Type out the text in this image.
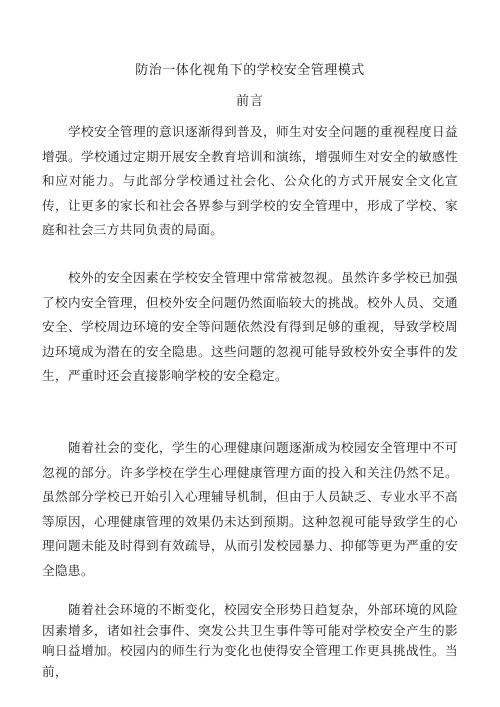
防治一体化视角下的学校安全管理模式
前言

学校安全管理的意识逐渐得到普及，师生对安全问题的重视程度日益增强。学校通过定期开展安全教育培训和演练，增强师生对安全的敏感性和应对能力。与此部分学校通过社会化、公众化的方式开展安全文化宣传，让更多的家长和社会各界参与到学校的安全管理中，形成了学校、家庭和社会三方共同负责的局面。

校外的安全因素在学校安全管理中常常被忽视。虽然许多学校已加强了校内安全管理，但校外安全问题仍然面临较大的挑战。校外人员、交通安全、学校周边环境的安全等问题依然没有得到足够的重视，导致学校周边环境成为潜在的安全隐患。这些问题的忽视可能导致校外安全事件的发生，严重时还会直接影响学校的安全稳定。

随着社会的变化，学生的心理健康问题逐渐成为校园安全管理中不可忽视的部分。许多学校在学生心理健康管理方面的投入和关注仍然不足。虽然部分学校已开始引入心理辅导机制，但由于人员缺乏、专业水平不高等原因，心理健康管理的效果仍未达到预期。这种忽视可能导致学生的心理问题未能及时得到有效疏导，从而引发校园暴力、抑郁等更为严重的安全隐患。

随着社会环境的不断变化，校园安全形势日趋复杂，外部环境的风险因素增多，诸如社会事件、突发公共卫生事件等可能对学校安全产生的影响日益增加。校园内的师生行为变化也使得安全管理工作更具挑战性。当前，
